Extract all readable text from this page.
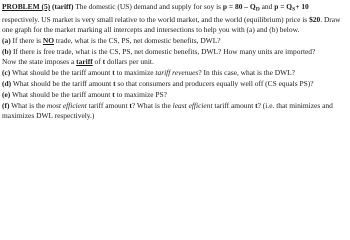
PROBLEM (5) (tariff) The domestic (US) demand and supply for soy is $p = 80 - Q_D$ and $p = Q_S+ 10$ respectively. US market is very small relative to the world market, and the world (equilibrium) price is $20. Draw one graph for the market marking all intercepts and intersections to help you with (a) and (b) below.

(a) If there is NO trade, what is the CS, PS, net domestic benefits, DWL?

(b) If there is free trade, what is the CS, PS, net domestic benefits, DWL? How many units are imported?
Now the state imposes a tariff of t dollars per unit.

(c) What should be the tariff amount t to maximize tariff revenues? In this case, what is the DWL?

(d) What should be the tariff amount t so that consumers and producers equally well off (CS equals PS)?

(e) What should be the tariff amount t to maximize PS?

(f) What is the most efficient tariff amount t? What is the least efficient tariff amount t? (i.e. that minimizes and maximizes DWL respectively.)
